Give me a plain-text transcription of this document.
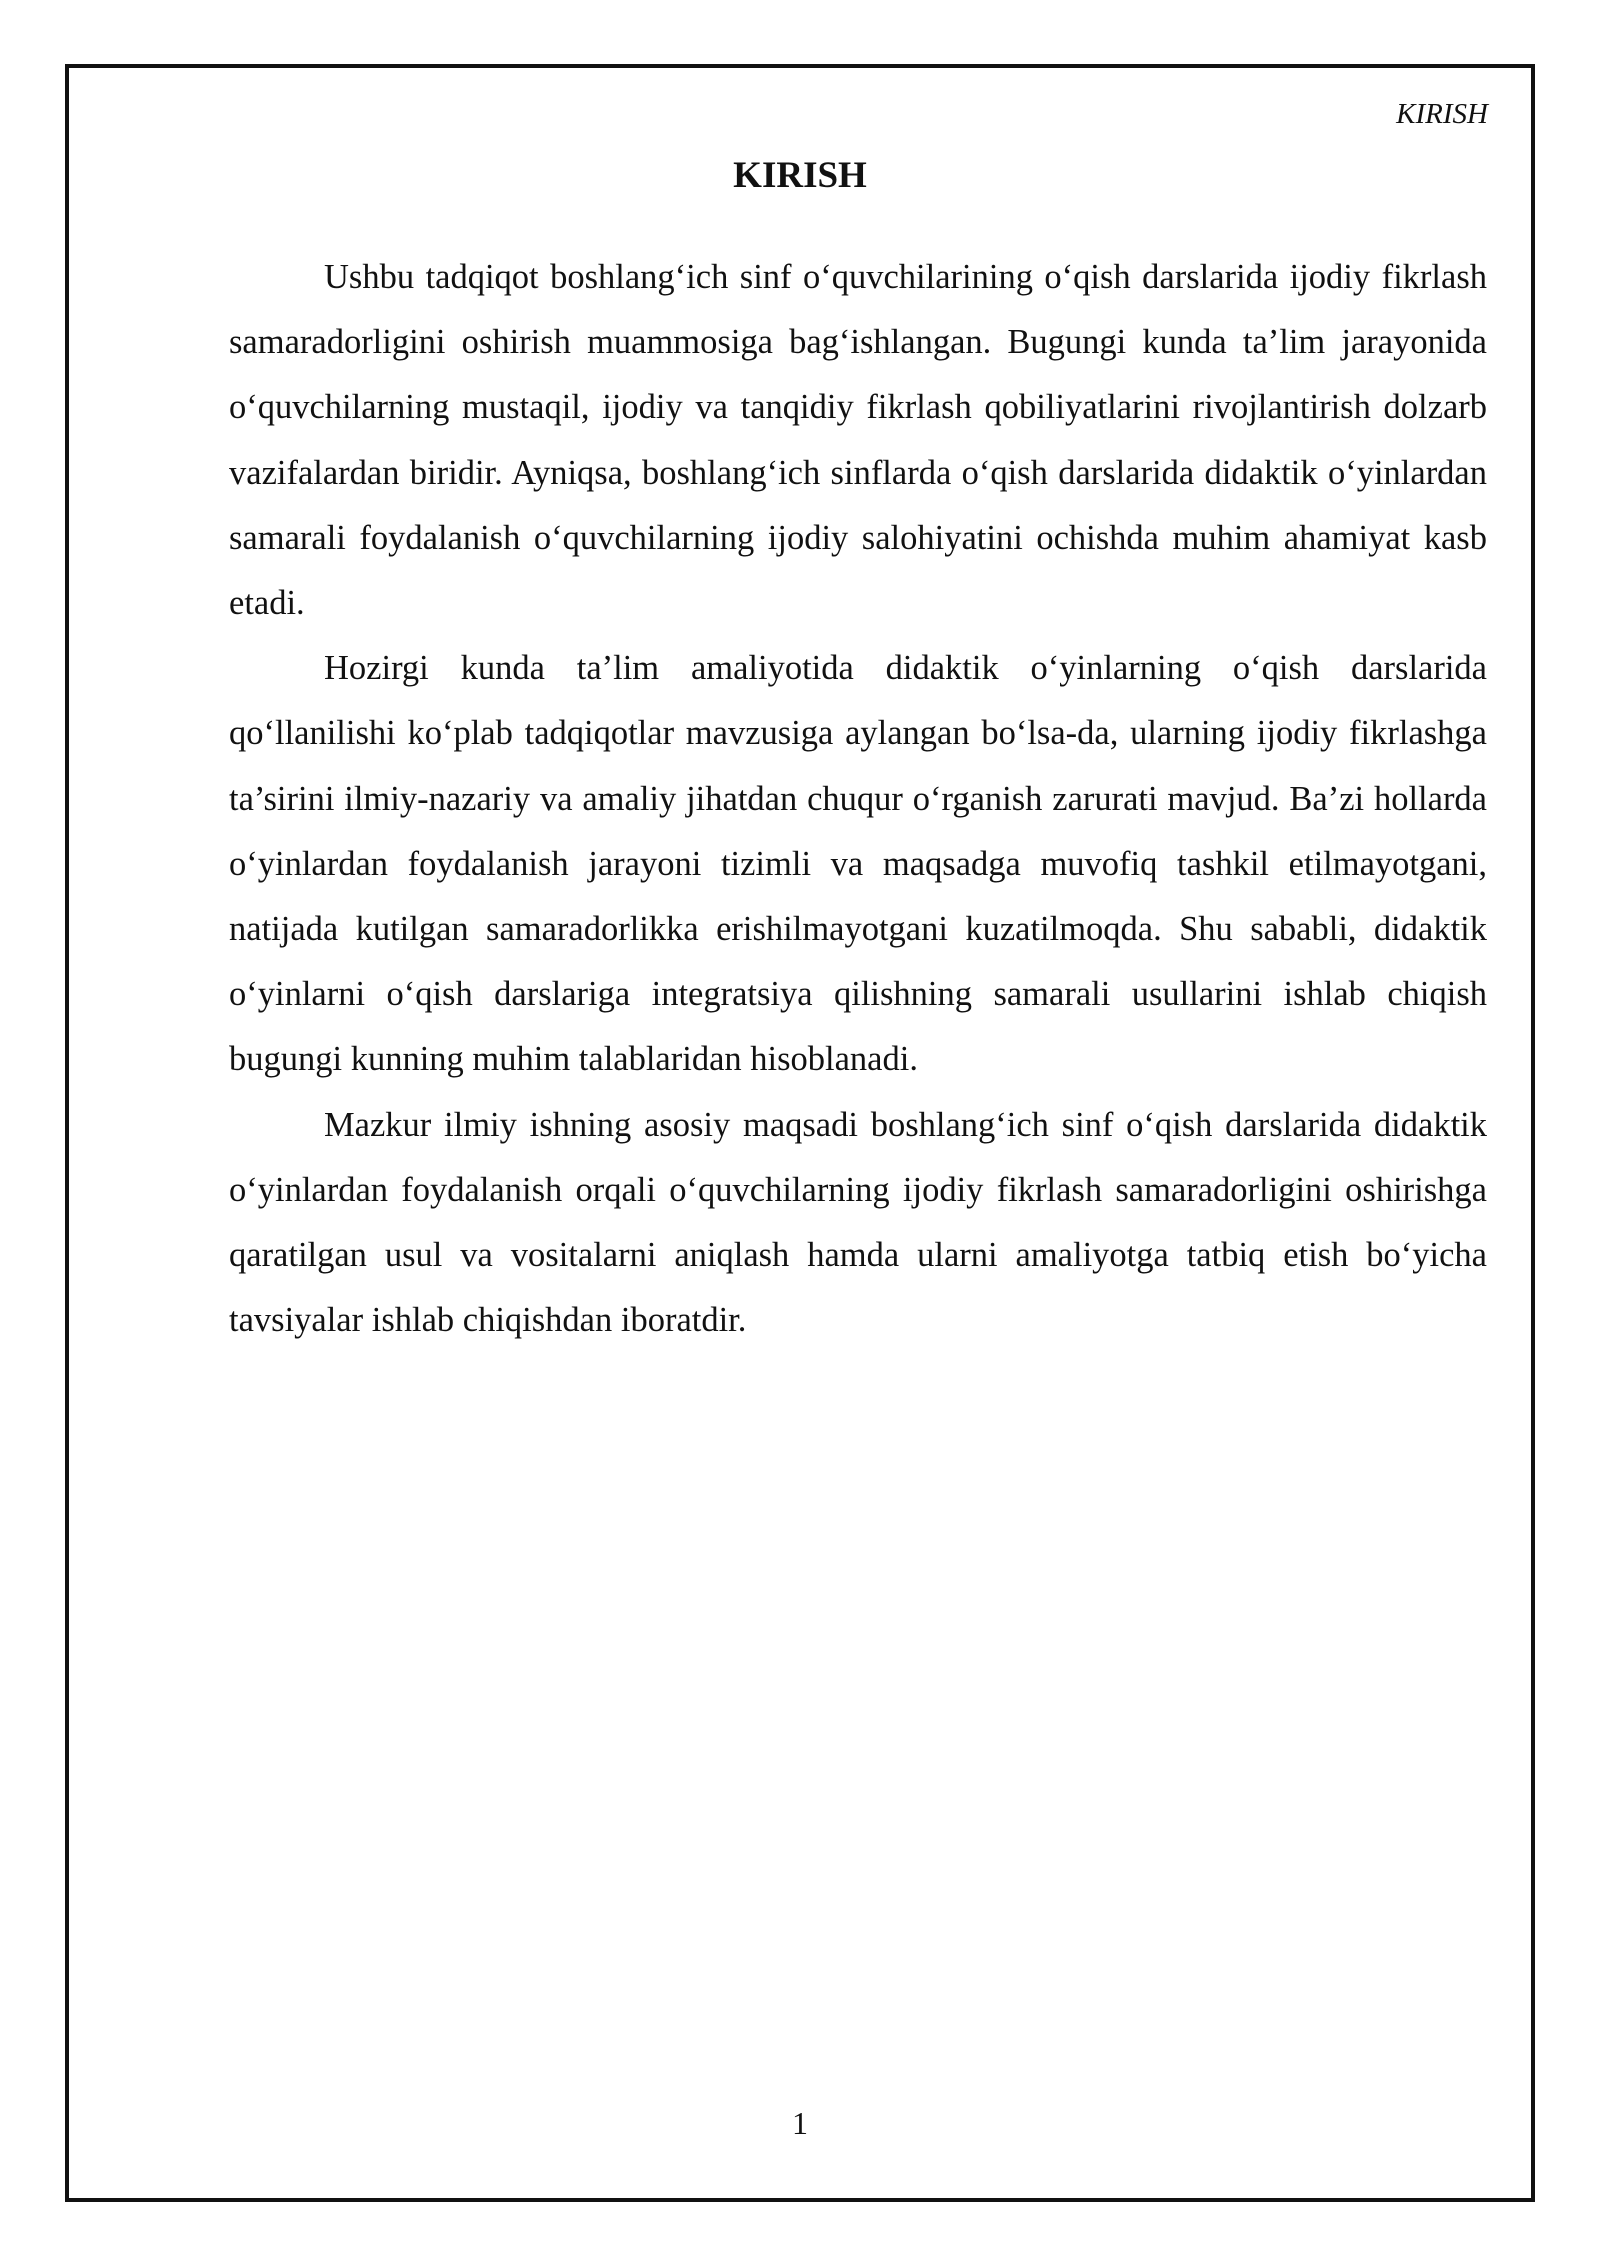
KIRISH
KIRISH

Ushbu tadqiqot boshlang‘ich sinf o‘quvchilarining o‘qish darslarida ijodiy fikrlash samaradorligini oshirish muammosiga bag‘ishlangan. Bugungi kunda ta’lim jarayonida o‘quvchilarning mustaqil, ijodiy va tanqidiy fikrlash qobiliyatlarini rivojlantirish dolzarb vazifalardan biridir. Ayniqsa, boshlang‘ich sinflarda o‘qish darslarida didaktik o‘yinlardan samarali foydalanish o‘quvchilarning ijodiy salohiyatini ochishda muhim ahamiyat kasb etadi.

Hozirgi kunda ta’lim amaliyotida didaktik o‘yinlarning o‘qish darslarida qo‘llanilishi ko‘plab tadqiqotlar mavzusiga aylangan bo‘lsa-da, ularning ijodiy fikrlashga ta’sirini ilmiy-nazariy va amaliy jihatdan chuqur o‘rganish zarurati mavjud. Ba’zi hollarda o‘yinlardan foydalanish jarayoni tizimli va maqsadga muvofiq tashkil etilmayotgani, natijada kutilgan samaradorlikka erishilmayotgani kuzatilmoqda. Shu sababli, didaktik o‘yinlarni o‘qish darslariga integratsiya qilishning samarali usullarini ishlab chiqish bugungi kunning muhim talablaridan hisoblanadi.

Mazkur ilmiy ishning asosiy maqsadi boshlang‘ich sinf o‘qish darslarida didaktik o‘yinlardan foydalanish orqali o‘quvchilarning ijodiy fikrlash samaradorligini oshirishga qaratilgan usul va vositalarni aniqlash hamda ularni amaliyotga tatbiq etish bo‘yicha tavsiyalar ishlab chiqishdan iboratdir.

1
